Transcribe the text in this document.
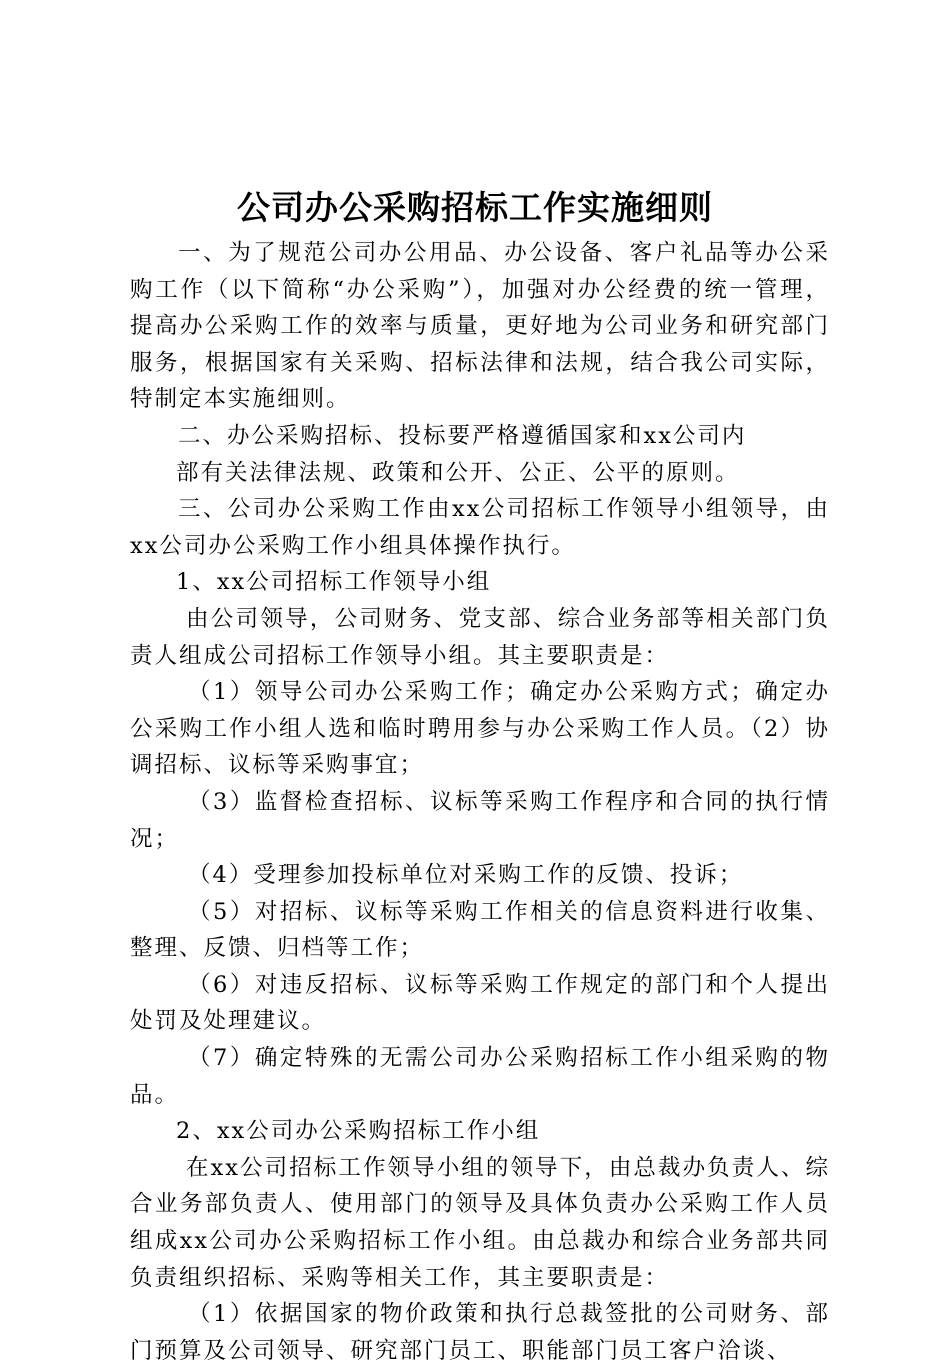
公司办公采购招标工作实施细则

一、为了规范公司办公用品、办公设备、客户礼品等办公采购工作（以下简称“办公采购”），加强对办公经费的统一管理，提高办公采购工作的效率与质量，更好地为公司业务和研究部门服务，根据国家有关采购、招标法律和法规，结合我公司实际，特制定本实施细则。

二、办公采购招标、投标要严格遵循国家和xx公司内

部有关法律法规、政策和公开、公正、公平的原则。

三、公司办公采购工作由xx公司招标工作领导小组领导，由xx公司办公采购工作小组具体操作执行。

1、xx公司招标工作领导小组

由公司领导，公司财务、党支部、综合业务部等相关部门负责人组成公司招标工作领导小组。其主要职责是：

（1）领导公司办公采购工作；确定办公采购方式；确定办公采购工作小组人选和临时聘用参与办公采购工作人员。（2）协调招标、议标等采购事宜；

（3）监督检查招标、议标等采购工作程序和合同的执行情况；

（4）受理参加投标单位对采购工作的反馈、投诉；

（5）对招标、议标等采购工作相关的信息资料进行收集、整理、反馈、归档等工作；

（6）对违反招标、议标等采购工作规定的部门和个人提出处罚及处理建议。

（7）确定特殊的无需公司办公采购招标工作小组采购的物品。

2、xx公司办公采购招标工作小组

在xx公司招标工作领导小组的领导下，由总裁办负责人、综合业务部负责人、使用部门的领导及具体负责办公采购工作人员组成xx公司办公采购招标工作小组。由总裁办和综合业务部共同负责组织招标、采购等相关工作，其主要职责是：

（1）依据国家的物价政策和执行总裁签批的公司财务、部门预算及公司领导、研究部门员工、职能部门员工客户洽谈、
